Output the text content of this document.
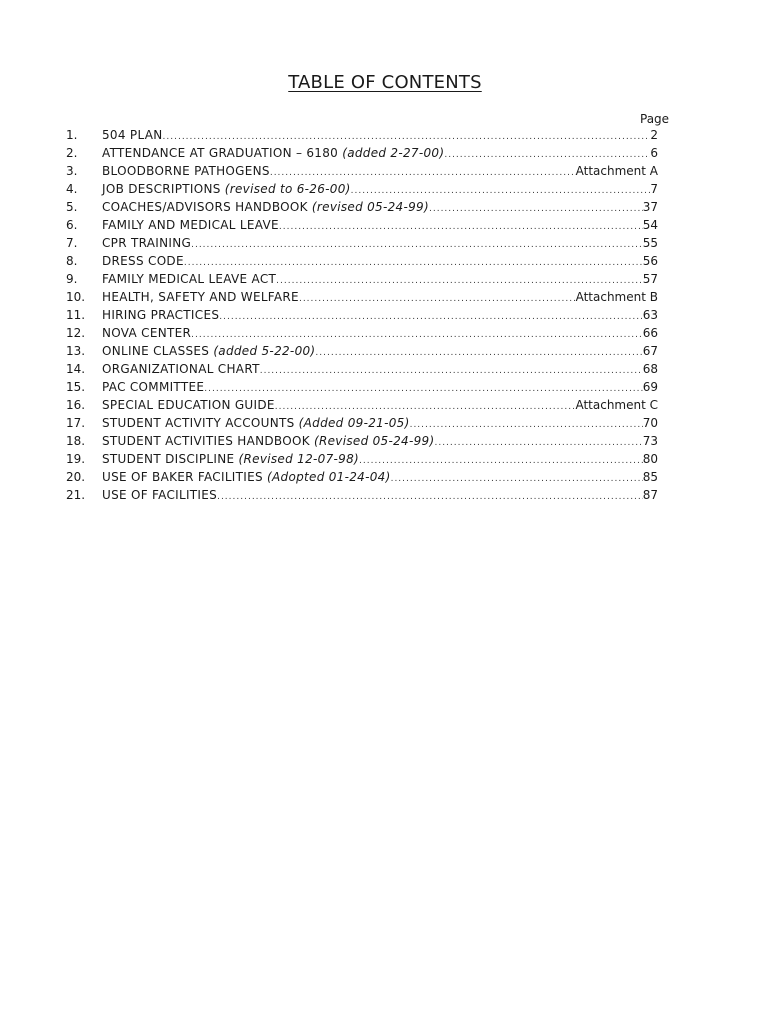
TABLE OF CONTENTS
Page
1.	504 PLAN .....	2
2.	ATTENDANCE AT GRADUATION – 6180 (added 2-27-00) .....	6
3.	BLOODBORNE PATHOGENS .....	Attachment A
4.	JOB DESCRIPTIONS (revised to 6-26-00) .....	7
5.	COACHES/ADVISORS HANDBOOK (revised 05-24-99) .....	37
6.	FAMILY AND MEDICAL LEAVE .....	54
7.	CPR TRAINING .....	55
8.	DRESS CODE .....	56
9.	FAMILY MEDICAL LEAVE ACT .....	57
10.	HEALTH, SAFETY AND WELFARE .....	Attachment B
11.	HIRING PRACTICES .....	63
12.	NOVA CENTER .....	66
13.	ONLINE CLASSES (added 5-22-00) .....	67
14.	ORGANIZATIONAL CHART .....	68
15.	PAC COMMITTEE .....	69
16.	SPECIAL EDUCATION GUIDE .....	Attachment C
17.	STUDENT ACTIVITY ACCOUNTS (Added 09-21-05) .....	70
18.	STUDENT ACTIVITIES HANDBOOK (Revised 05-24-99) .....	73
19.	STUDENT DISCIPLINE (Revised 12-07-98) .....	80
20.	USE OF BAKER FACILITIES (Adopted 01-24-04) .....	85
21.	USE OF FACILITIES .....	87
